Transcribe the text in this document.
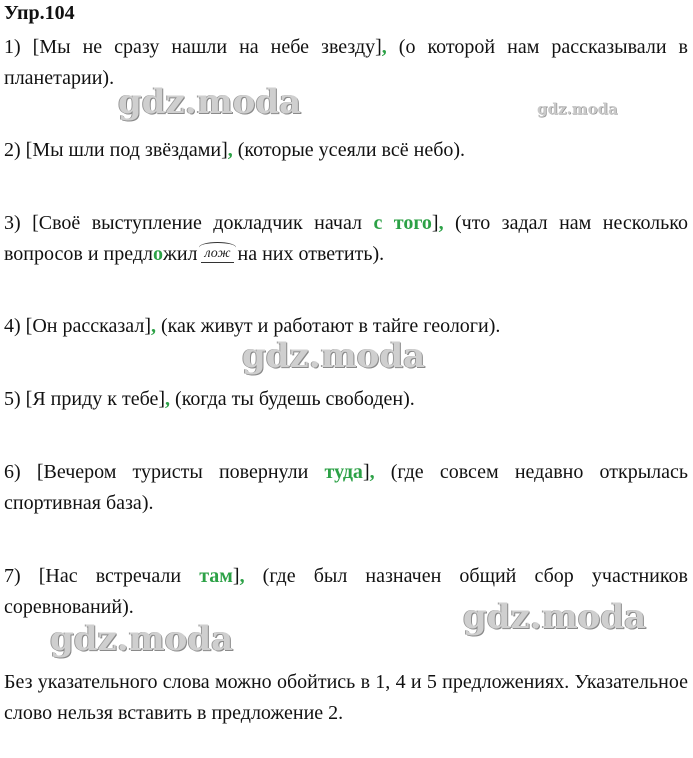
Упр.104
1) [Мы не сразу нашли на небе звезду], (о которой нам рассказывали в планетарии).
2) [Мы шли под звёздами], (которые усеяли всё небо).
3) [Своё выступление докладчик начал с того], (что задал нам несколько вопросов и предложил лож на них ответить).
4) [Он рассказал], (как живут и работают в тайге геологи).
5) [Я приду к тебе], (когда ты будешь свободен).
6) [Вечером туристы повернули туда], (где совсем недавно открылась спортивная база).
7) [Нас встречали там], (где был назначен общий сбор участников соревнований).
Без указательного слова можно обойтись в 1, 4 и 5 предложениях. Указательное слово нельзя вставить в предложение 2.
gdz.moda	gdz.moda
gdz.moda
gdz.moda
gdz.moda
